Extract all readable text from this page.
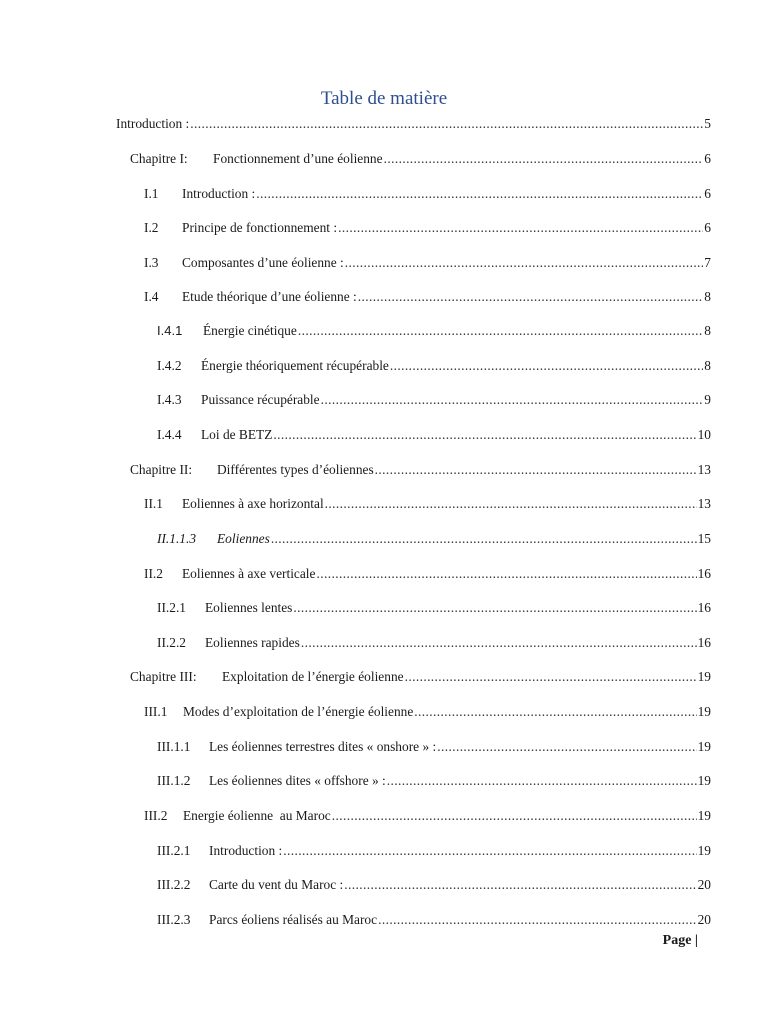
Table de matière
Introduction : .....	5
Chapitre I:	Fonctionnement d’une éolienne .....	6
I.1	Introduction : .....	6
I.2	Principe de fonctionnement : .....	6
I.3	Composantes d’une éolienne : .....	7
I.4	Etude théorique d’une éolienne : .....	8
I.4.1	Énergie cinétique .....	8
I.4.2	Énergie théoriquement récupérable .....	8
I.4.3	Puissance récupérable .....	9
I.4.4	Loi de BETZ .....	10
Chapitre II:	Différentes types d’éoliennes .....	13
II.1	Eoliennes à axe horizontal .....	13
II.1.1.3	Eoliennes .....	15
II.2	Eoliennes à axe verticale .....	16
II.2.1	Eoliennes lentes .....	16
II.2.2	Eoliennes rapides .....	16
Chapitre III:	Exploitation de l’énergie éolienne .....	19
III.1	Modes d’exploitation de l’énergie éolienne .....	19
III.1.1	Les éoliennes terrestres dites « onshore » : .....	19
III.1.2	Les éoliennes dites « offshore » : .....	19
III.2	Energie éolienne  au Maroc .....	19
III.2.1	Introduction : .....	19
III.2.2	Carte du vent du Maroc : .....	20
III.2.3	Parcs éoliens réalisés au Maroc .....	20
Page |
